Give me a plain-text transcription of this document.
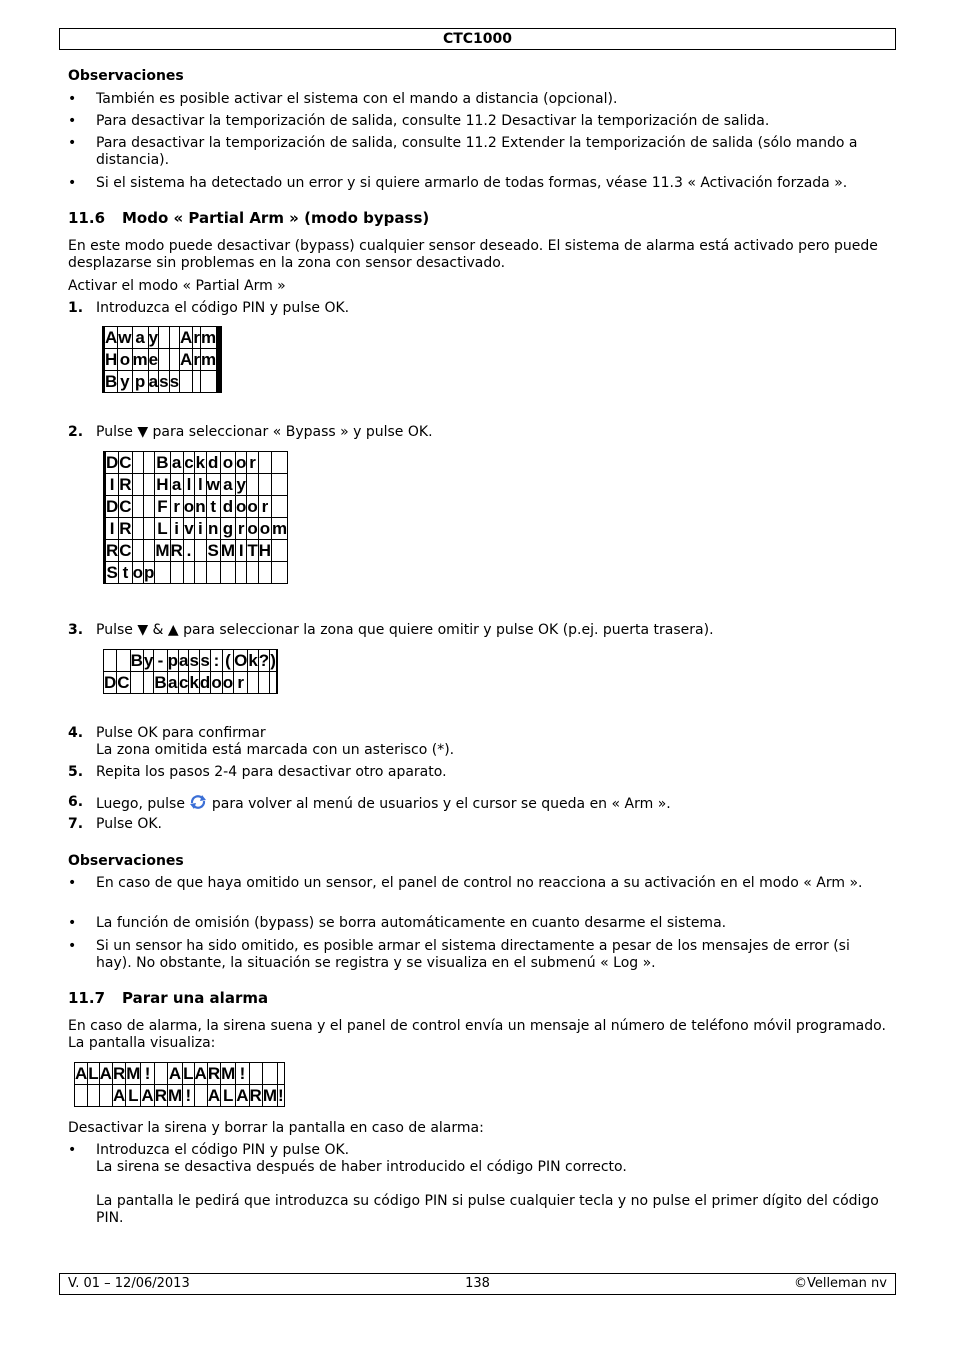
CTC1000
Observaciones
•	También es posible activar el sistema con el mando a distancia (opcional).
•	Para desactivar la temporización de salida, consulte 11.2 Desactivar la temporización de salida.
•	Para desactivar la temporización de salida, consulte 11.2 Extender la temporización de salida (sólo mando a distancia).
•	Si el sistema ha detectado un error y si quiere armarlo de todas formas, véase 11.3 « Activación forzada ».
11.6 Modo « Partial Arm » (modo bypass)
En este modo puede desactivar (bypass) cualquier sensor deseado. El sistema de alarma está activado pero puede desplazarse sin problemas en la zona con sensor desactivado.
Activar el modo « Partial Arm »
1. Introduzca el código PIN y pulse OK.
		A	w	a	y			A	r	m					
		H	o	m	e			A	r	m					
		B	y	p	a	s	s								
2. Pulse ▼ para seleccionar « Bypass » y pulse OK.
		D	C			B	a	c	k	d	o	o	r		
		I	R			H	a	l	l	w	a	y			
		D	C			F	r	o	n	t	d	o	o	r	
		I	R			L	i	v	i	n	g	r	o	o	m
		R	C			M	R	.		S	M	I	T	H	
		S	t	o	p										
3. Pulse ▼ & ▲ para seleccionar la zona que quiere omitir y pulse OK (p.ej. puerta trasera).
		B	y	-	p	a	s	s	:	(	O	k	?	)	
D	C			B	a	c	k	d	o	o	r				
4. Pulse OK para confirmar
La zona omitida está marcada con un asterisco (*).
5. Repita los pasos 2-4 para desactivar otro aparato.
6. Luego, pulse para volver al menú de usuarios y el cursor se queda en « Arm ».
7. Pulse OK.
Observaciones
•	En caso de que haya omitido un sensor, el panel de control no reacciona a su activación en el modo « Arm ».
•	La función de omisión (bypass) se borra automáticamente en cuanto desarme el sistema.
•	Si un sensor ha sido omitido, es posible armar el sistema directamente a pesar de los mensajes de error (si hay). No obstante, la situación se registra y se visualiza en el submenú « Log ».
11.7 Parar una alarma
En caso de alarma, la sirena suena y el panel de control envía un mensaje al número de teléfono móvil programado. La pantalla visualiza:
A	L	A	R	M	!		A	L	A	R	M	!			
			A	L	A	R	M	!		A	L	A	R	M	!
Desactivar la sirena y borrar la pantalla en caso de alarma:
•	Introduzca el código PIN y pulse OK.
La sirena se desactiva después de haber introducido el código PIN correcto.

La pantalla le pedirá que introduzca su código PIN si pulse cualquier tecla y no pulse el primer dígito del código PIN.
V. 01 – 12/06/2013	138	©Velleman nv
